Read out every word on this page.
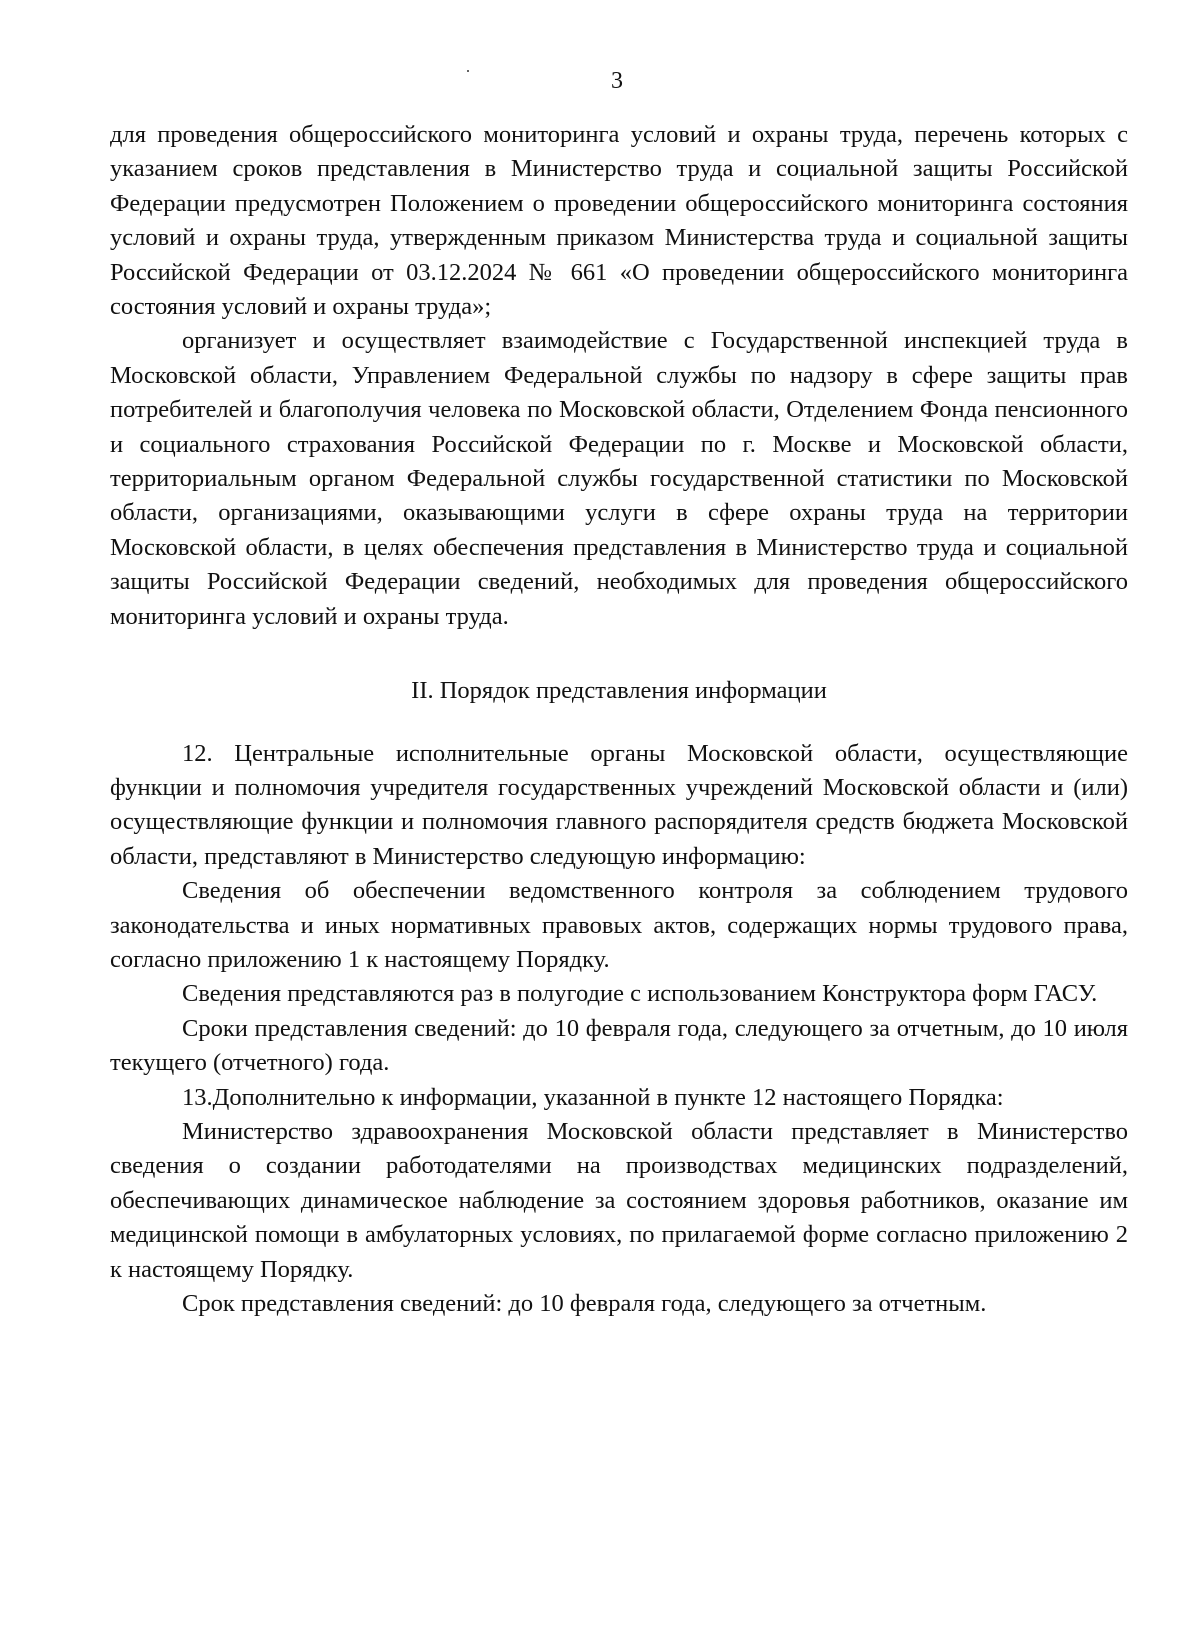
3

для проведения общероссийского мониторинга условий и охраны труда, перечень которых с указанием сроков представления в Министерство труда и социальной защиты Российской Федерации предусмотрен Положением о проведении общероссийского мониторинга состояния условий и охраны труда, утвержденным приказом Министерства труда и социальной защиты Российской Федерации от 03.12.2024 № 661 «О проведении общероссийского мониторинга состояния условий и охраны труда»;

организует и осуществляет взаимодействие с Государственной инспекцией труда в Московской области, Управлением Федеральной службы по надзору в сфере защиты прав потребителей и благополучия человека по Московской области, Отделением Фонда пенсионного и социального страхования Российской Федерации по г. Москве и Московской области, территориальным органом Федеральной службы государственной статистики по Московской области, организациями, оказывающими услуги в сфере охраны труда на территории Московской области, в целях обеспечения представления в Министерство труда и социальной защиты Российской Федерации сведений, необходимых для проведения общероссийского мониторинга условий и охраны труда.

II. Порядок представления информации

12. Центральные исполнительные органы Московской области, осуществляющие функции и полномочия учредителя государственных учреждений Московской области и (или) осуществляющие функции и полномочия главного распорядителя средств бюджета Московской области, представляют в Министерство следующую информацию:

Сведения об обеспечении ведомственного контроля за соблюдением трудового законодательства и иных нормативных правовых актов, содержащих нормы трудового права, согласно приложению 1 к настоящему Порядку.

Сведения представляются раз в полугодие с использованием Конструктора форм ГАСУ.

Сроки представления сведений: до 10 февраля года, следующего за отчетным, до 10 июля текущего (отчетного) года.

13.Дополнительно к информации, указанной в пункте 12 настоящего Порядка:

Министерство здравоохранения Московской области представляет в Министерство сведения о создании работодателями на производствах медицинских подразделений, обеспечивающих динамическое наблюдение за состоянием здоровья работников, оказание им медицинской помощи в амбулаторных условиях, по прилагаемой форме согласно приложению 2 к настоящему Порядку.

Срок представления сведений: до 10 февраля года, следующего за отчетным.
